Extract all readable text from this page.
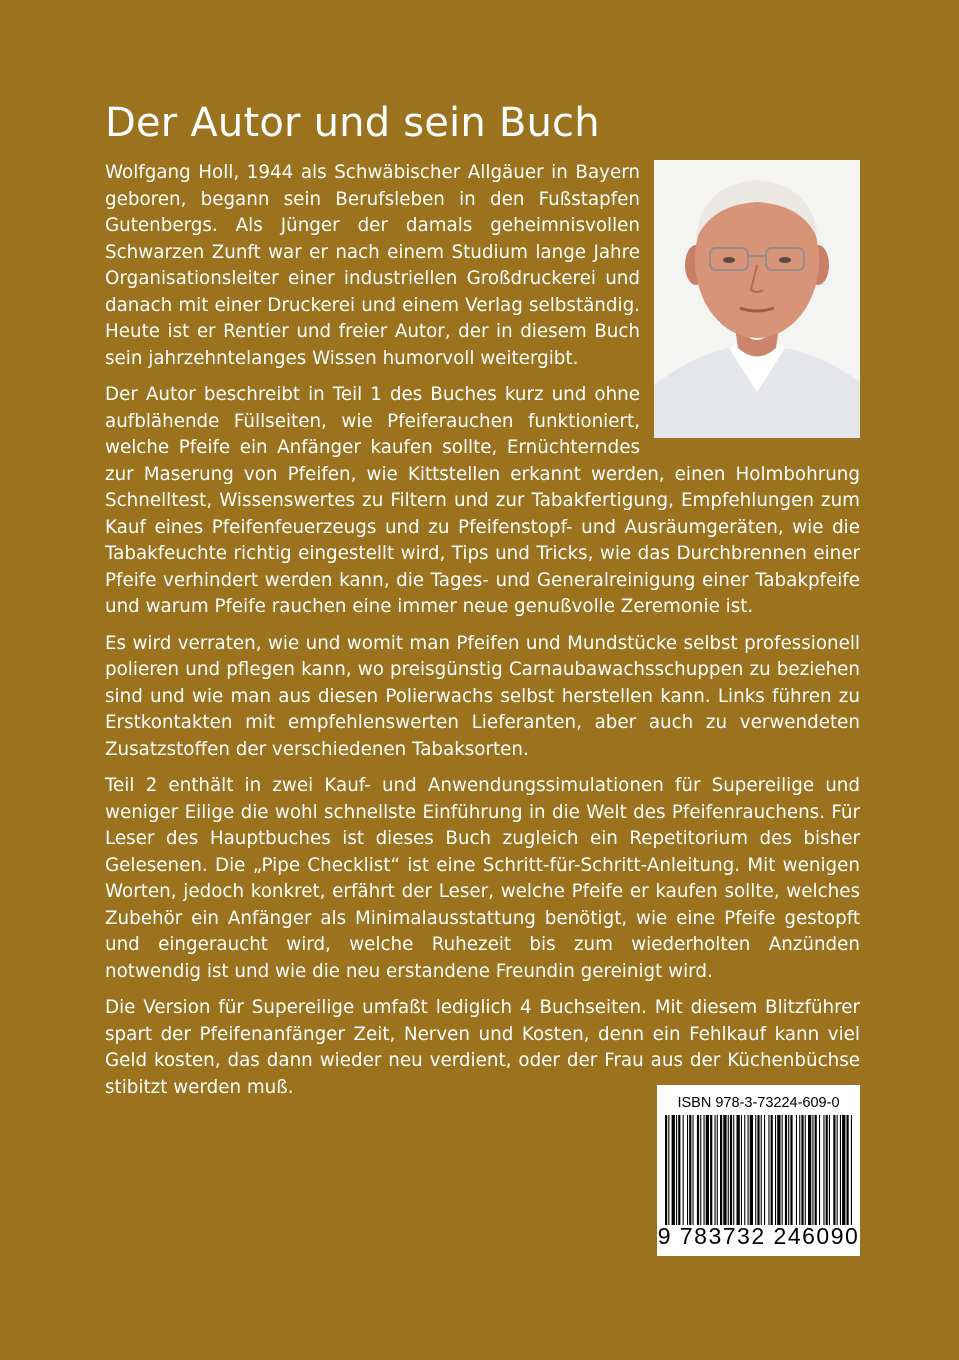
Der Autor und sein Buch

Wolfgang Holl, 1944 als Schwäbischer Allgäuer in Bayern geboren, begann sein Berufsleben in den Fußstapfen Gutenbergs. Als Jünger der damals geheimnisvollen Schwarzen Zunft war er nach einem Studium lange Jahre Organisationsleiter einer industriellen Großdruckerei und danach mit einer Druckerei und einem Verlag selbständig. Heute ist er Rentier und freier Autor, der in diesem Buch sein jahrzehntelanges Wissen humorvoll weitergibt.

Der Autor beschreibt in Teil 1 des Buches kurz und ohne aufblähende Füllseiten, wie Pfeiferauchen funktioniert, welche Pfeife ein Anfänger kaufen sollte, Ernüchterndes zur Maserung von Pfeifen, wie Kittstellen erkannt werden, einen Holmbohrung Schnelltest, Wissenswertes zu Filtern und zur Tabakfertigung, Empfehlungen zum Kauf eines Pfeifenfeuerzeugs und zu Pfeifenstopf- und Ausräumgeräten, wie die Tabakfeuchte richtig eingestellt wird, Tips und Tricks, wie das Durchbrennen einer Pfeife verhindert werden kann, die Tages- und Generalreinigung einer Tabakpfeife und warum Pfeife rauchen eine immer neue genußvolle Zeremonie ist.

Es wird verraten, wie und womit man Pfeifen und Mundstücke selbst professionell polieren und pflegen kann, wo preisgünstig Carnaubawachsschuppen zu beziehen sind und wie man aus diesen Polierwachs selbst herstellen kann. Links führen zu Erstkontakten mit empfehlenswerten Lieferanten, aber auch zu verwendeten Zusatzstoffen der verschiedenen Tabaksorten.

Teil 2 enthält in zwei Kauf- und Anwendungssimulationen für Supereilige und weniger Eilige die wohl schnellste Einführung in die Welt des Pfeifenrauchens. Für Leser des Hauptbuches ist dieses Buch zugleich ein Repetitorium des bisher Gelesenen. Die „Pipe Checklist“ ist eine Schritt-für-Schritt-Anleitung. Mit wenigen Worten, jedoch konkret, erfährt der Leser, welche Pfeife er kaufen sollte, welches Zubehör ein Anfänger als Minimalausstattung benötigt, wie eine Pfeife gestopft und eingeraucht wird, welche Ruhezeit bis zum wiederholten Anzünden notwendig ist und wie die neu erstandene Freundin gereinigt wird.

Die Version für Supereilige umfaßt lediglich 4 Buchseiten. Mit diesem Blitzführer spart der Pfeifenanfänger Zeit, Nerven und Kosten, denn ein Fehlkauf kann viel Geld kosten, das dann wieder neu verdient, oder der Frau aus der Küchenbüchse stibitzt werden muß.

ISBN 978-3-73224-609-0
9 783732 246090
